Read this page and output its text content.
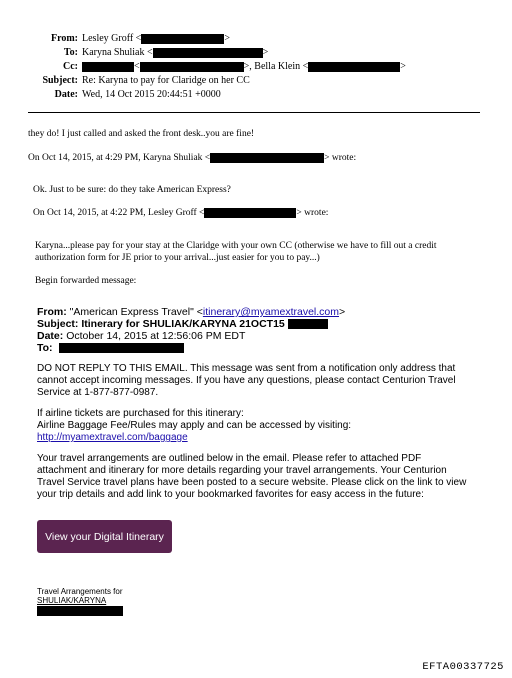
From: Lesley Groff <	>
To: Karyna Shuliak <	>
Cc:	<	>, Bella Klein <	>
Subject: Re: Karyna to pay for Claridge on her CC
Date: Wed, 14 Oct 2015 20:44:51 +0000
they do! I just called and asked the front desk..you are fine!
On Oct 14, 2015, at 4:29 PM, Karyna Shuliak <	> wrote:
Ok. Just to be sure: do they take American Express?
On Oct 14, 2015, at 4:22 PM, Lesley Groff <	> wrote:
Karyna...please pay for your stay at the Claridge with your own CC (otherwise we have to fill out a credit
authorization form for JE prior to your arrival...just easier for you to pay...)
Begin forwarded message:
From: "American Express Travel" <itinerary@myamextravel.com>
Subject: Itinerary for SHULIAK/KARYNA 21OCT15
Date: October 14, 2015 at 12:56:06 PM EDT
To:
DO NOT REPLY TO THIS EMAIL. This message was sent from a notification only address that
cannot accept incoming messages. If you have any questions, please contact Centurion Travel
Service at 1-877-877-0987.
If airline tickets are purchased for this itinerary:
Airline Baggage Fee/Rules may apply and can be accessed by visiting:
http://myamextravel.com/baggage
Your travel arrangements are outlined below in the email. Please refer to attached PDF
attachment and itinerary for more details regarding your travel arrangements. Your Centurion
Travel Service travel plans have been posted to a secure website. Please click on the link to view
your trip details and add link to your bookmarked favorites for easy access in the future:
View your Digital Itinerary
Travel Arrangements for
SHULIAK/KARYNA
EFTA00337725
